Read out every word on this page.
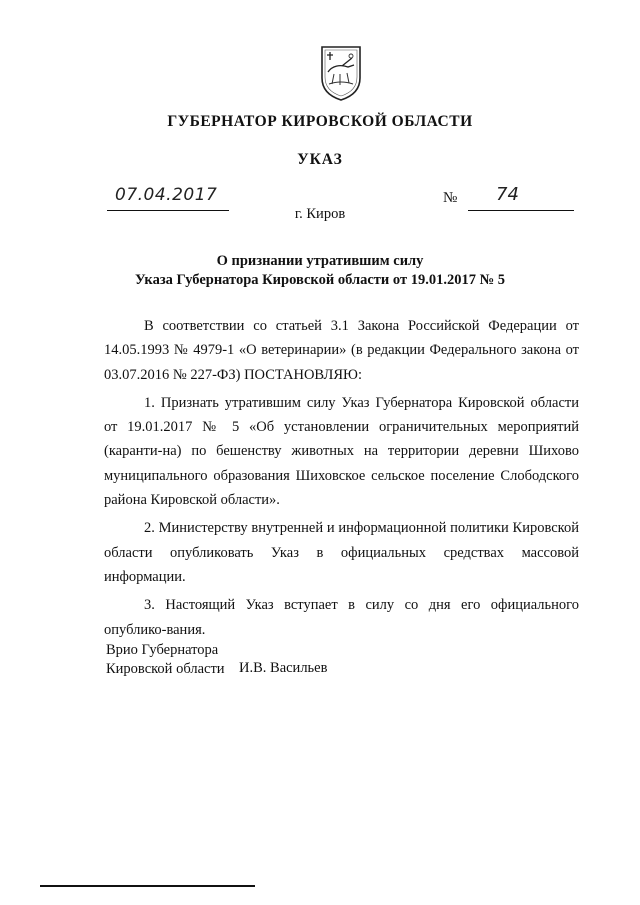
ГУБЕРНАТОР КИРОВСКОЙ ОБЛАСТИ
УКАЗ
07.04.2017	№ 74
г. Киров
О признании утратившим силу
Указа Губернатора Кировской области от 19.01.2017 № 5

В соответствии со статьей 3.1 Закона Российской Федерации от 14.05.1993 № 4979-1 «О ветеринарии» (в редакции Федерального закона от 03.07.2016 № 227-ФЗ) ПОСТАНОВЛЯЮ:

1. Признать утратившим силу Указ Губернатора Кировской области от 19.01.2017 № 5 «Об установлении ограничительных мероприятий (каранти-на) по бешенству животных на территории деревни Шихово муниципального образования Шиховское сельское поселение Слободского района Кировской области».

2. Министерству внутренней и информационной политики Кировской области опубликовать Указ в официальных средствах массовой информации.

3. Настоящий Указ вступает в силу со дня его официального опублико-вания.

Врио Губернатора
Кировской области И.В. Васильев
